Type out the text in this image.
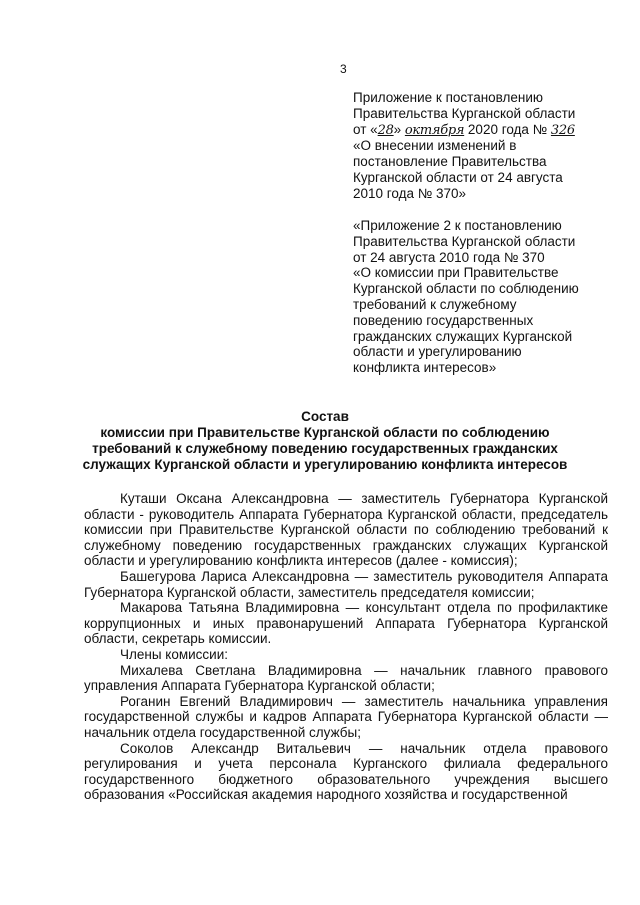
3
Приложение к постановлению
Правительства Курганской области
от «28» октября 2020 года № 326
«О внесении изменений в
постановление Правительства
Курганской области от 24 августа
2010 года № 370»
«Приложение 2 к постановлению
Правительства Курганской области
от 24 августа 2010 года № 370
«О комиссии при Правительстве
Курганской области по соблюдению
требований к служебному
поведению государственных
гражданских служащих Курганской
области и урегулированию
конфликта интересов»
Состав
комиссии при Правительстве Курганской области по соблюдению
требований к служебному поведению государственных гражданских
служащих Курганской области и урегулированию конфликта интересов

Куташи Оксана Александровна — заместитель Губернатора Курганской области - руководитель Аппарата Губернатора Курганской области, председатель комиссии при Правительстве Курганской области по соблюдению требований к служебному поведению государственных гражданских служащих Курганской области и урегулированию конфликта интересов (далее - комиссия);

Башегурова Лариса Александровна — заместитель руководителя Аппарата Губернатора Курганской области, заместитель председателя комиссии;

Макарова Татьяна Владимировна — консультант отдела по профилактике коррупционных и иных правонарушений Аппарата Губернатора Курганской области, секретарь комиссии.

Члены комиссии:

Михалева Светлана Владимировна — начальник главного правового управления Аппарата Губернатора Курганской области;

Роганин Евгений Владимирович — заместитель начальника управления государственной службы и кадров Аппарата Губернатора Курганской области — начальник отдела государственной службы;

Соколов Александр Витальевич — начальник отдела правового регулирования и учета персонала Курганского филиала федерального государственного бюджетного образовательного учреждения высшего образования «Российская академия народного хозяйства и государственной
